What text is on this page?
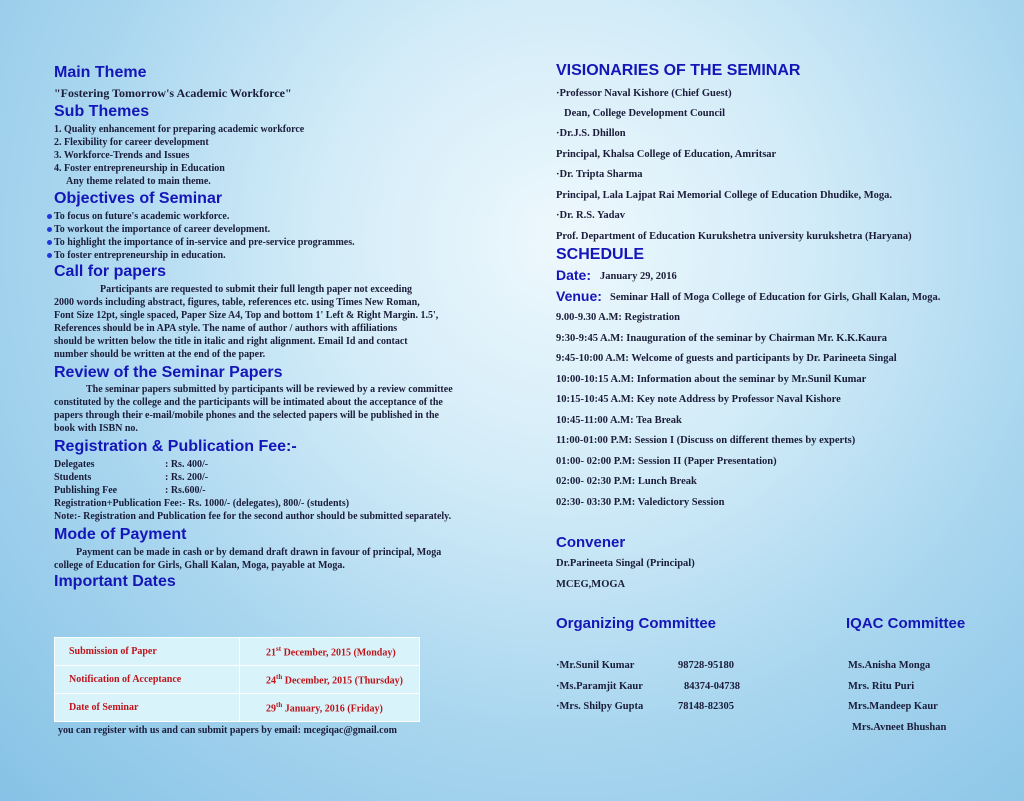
Main Theme
"Fostering Tomorrow's Academic Workforce"
Sub Themes
1. Quality enhancement for preparing academic workforce
2. Flexibility for career development
3. Workforce-Trends and Issues
4. Foster entrepreneurship in Education
Any theme related to main theme.
Objectives of Seminar
To focus on future's academic workforce.
To workout the importance of career development.
To highlight the importance of in-service and pre-service programmes.
To foster entrepreneurship in education.
Call for papers
Participants are requested to submit their full length paper not exceeding
2000 words including abstract, figures, table, references etc. using Times New Roman,
Font Size 12pt, single spaced, Paper Size A4, Top and bottom 1' Left & Right Margin. 1.5',
References should be in APA style. The name of author / authors with affiliations
should be written below the title in italic and right alignment. Email Id and contact
number should be written at the end of the paper.
Review of the Seminar Papers
The seminar papers submitted by participants will be reviewed by a review committee
constituted by the college and the participants will be intimated about the acceptance of the
papers through their e-mail/mobile phones and the selected papers will be published in the
book with ISBN no.
Registration & Publication Fee:-
Delegates	: Rs. 400/-
Students	: Rs. 200/-
Publishing Fee	: Rs.600/-
Registration+Publication Fee:- Rs. 1000/- (delegates), 800/- (students)
Note:- Registration and Publication fee for the second author should be submitted separately.
Mode of Payment
Payment can be made in cash or by demand draft drawn in favour of principal, Moga
college of Education for Girls, Ghall Kalan, Moga, payable at Moga.
Important Dates
Submission of Paper	21st December, 2015 (Monday)
Notification of Acceptance	24th December, 2015 (Thursday)
Date of Seminar	29th January, 2016 (Friday)
you can register with us and can submit papers by email: mcegiqac@gmail.com
VISIONARIES OF THE SEMINAR
·Professor Naval Kishore (Chief Guest)
Dean, College Development Council
·Dr.J.S. Dhillon
Principal, Khalsa College of Education, Amritsar
·Dr. Tripta Sharma
Principal, Lala Lajpat Rai Memorial College of Education Dhudike, Moga.
·Dr. R.S. Yadav
Prof. Department of Education Kurukshetra university kurukshetra (Haryana)
SCHEDULE
Date: January 29, 2016
Venue: Seminar Hall of Moga College of Education for Girls, Ghall Kalan, Moga.
9.00-9.30 A.M: Registration
9:30-9:45 A.M: Inauguration of the seminar by Chairman Mr. K.K.Kaura
9:45-10:00 A.M: Welcome of guests and participants by Dr. Parineeta Singal
10:00-10:15 A.M: Information about the seminar by Mr.Sunil Kumar
10:15-10:45 A.M: Key note Address by Professor Naval Kishore
10:45-11:00 A.M: Tea Break
11:00-01:00 P.M: Session I (Discuss on different themes by experts)
01:00- 02:00 P.M: Session II (Paper Presentation)
02:00- 02:30 P.M: Lunch Break
02:30- 03:30 P.M: Valedictory Session
Convener
Dr.Parineeta Singal (Principal)
MCEG,MOGA
Organizing Committee	IQAC Committee
·Mr.Sunil Kumar	98728-95180
·Ms.Paramjit Kaur	84374-04738
·Mrs. Shilpy Gupta	78148-82305
Ms.Anisha Monga
Mrs. Ritu Puri
Mrs.Mandeep Kaur
Mrs.Avneet Bhushan
